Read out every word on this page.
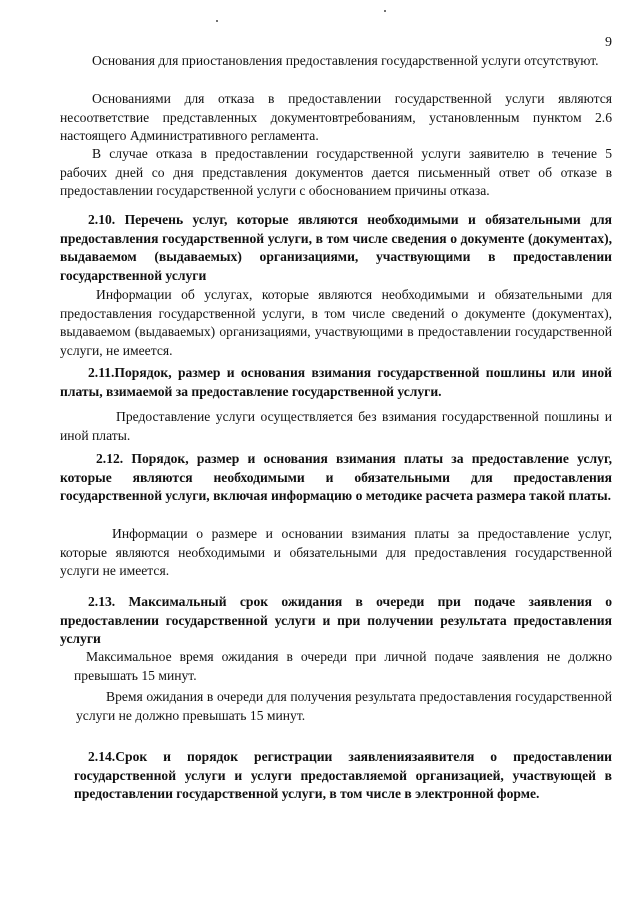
9

Основания для приостановления предоставления государственной услуги отсутствуют.

Основаниями для отказа в предоставлении государственной услуги являются несоответствие представленных документовтребованиям, установленным пунктом 2.6 настоящего Административного регламента.

В случае отказа в предоставлении государственной услуги заявителю в течение 5 рабочих дней со дня представления документов дается письменный ответ об отказе в предоставлении государственной услуги с обоснованием причины отказа.

2.10. Перечень услуг, которые являются необходимыми и обязательными для предоставления государственной услуги, в том числе сведения о документе (документах), выдаваемом (выдаваемых) организациями, участвующими в предоставлении государственной услуги

Информации об услугах, которые являются необходимыми и обязательными для предоставления государственной услуги, в том числе сведений о документе (документах), выдаваемом (выдаваемых) организациями, участвующими в предоставлении государственной услуги, не имеется.

2.11.Порядок, размер и основания взимания государственной пошлины или иной платы, взимаемой за предоставление государственной услуги.

Предоставление услуги осуществляется без взимания государственной пошлины и иной платы.

2.12. Порядок, размер и основания взимания платы за предоставление услуг, которые являются необходимыми и обязательными для предоставления государственной услуги, включая информацию о методике расчета размера такой платы.

Информации о размере и основании взимания платы за предоставление услуг, которые являются необходимыми и обязательными для предоставления государственной услуги не имеется.

2.13. Максимальный срок ожидания в очереди при подаче заявления о предоставлении государственной услуги и при получении результата предоставления услуги

Максимальное время ожидания в очереди при личной подаче заявления не должно превышать 15 минут.

Время ожидания в очереди для получения результата предоставления государственной услуги не должно превышать 15 минут.

2.14.Срок и порядок регистрации заявлениязаявителя о предоставлении государственной услуги и услуги предоставляемой организацией, участвующей в предоставлении государственной услуги, в том числе в электронной форме.
